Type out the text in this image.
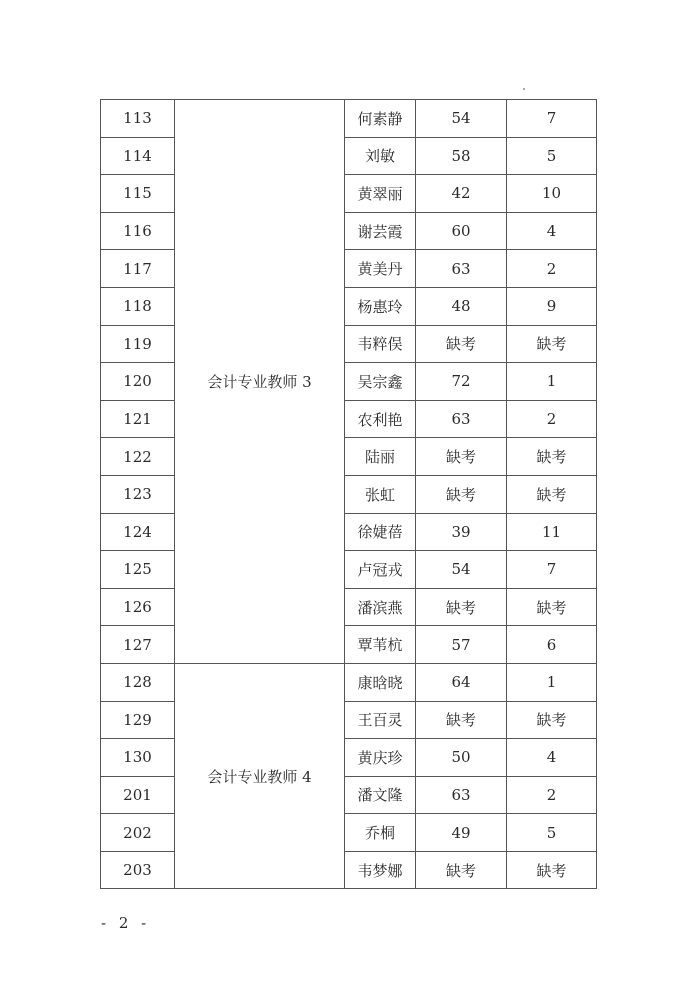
113	会计专业教师 3	何素静	54	7
114		刘敏	58	5
115		黄翠丽	42	10
116		谢芸霞	60	4
117		黄美丹	63	2
118		杨惠玲	48	9
119		韦粹俣	缺考	缺考
120		吴宗鑫	72	1
121		农利艳	63	2
122		陆丽	缺考	缺考
123		张虹	缺考	缺考
124		徐婕蓓	39	11
125		卢冠戎	54	7
126		潘滨燕	缺考	缺考
127		覃苇杭	57	6
128	会计专业教师 4	康晗晓	64	1
129		王百灵	缺考	缺考
130		黄庆珍	50	4
201		潘文隆	63	2
202		乔桐	49	5
203		韦梦娜	缺考	缺考
- 2 -
